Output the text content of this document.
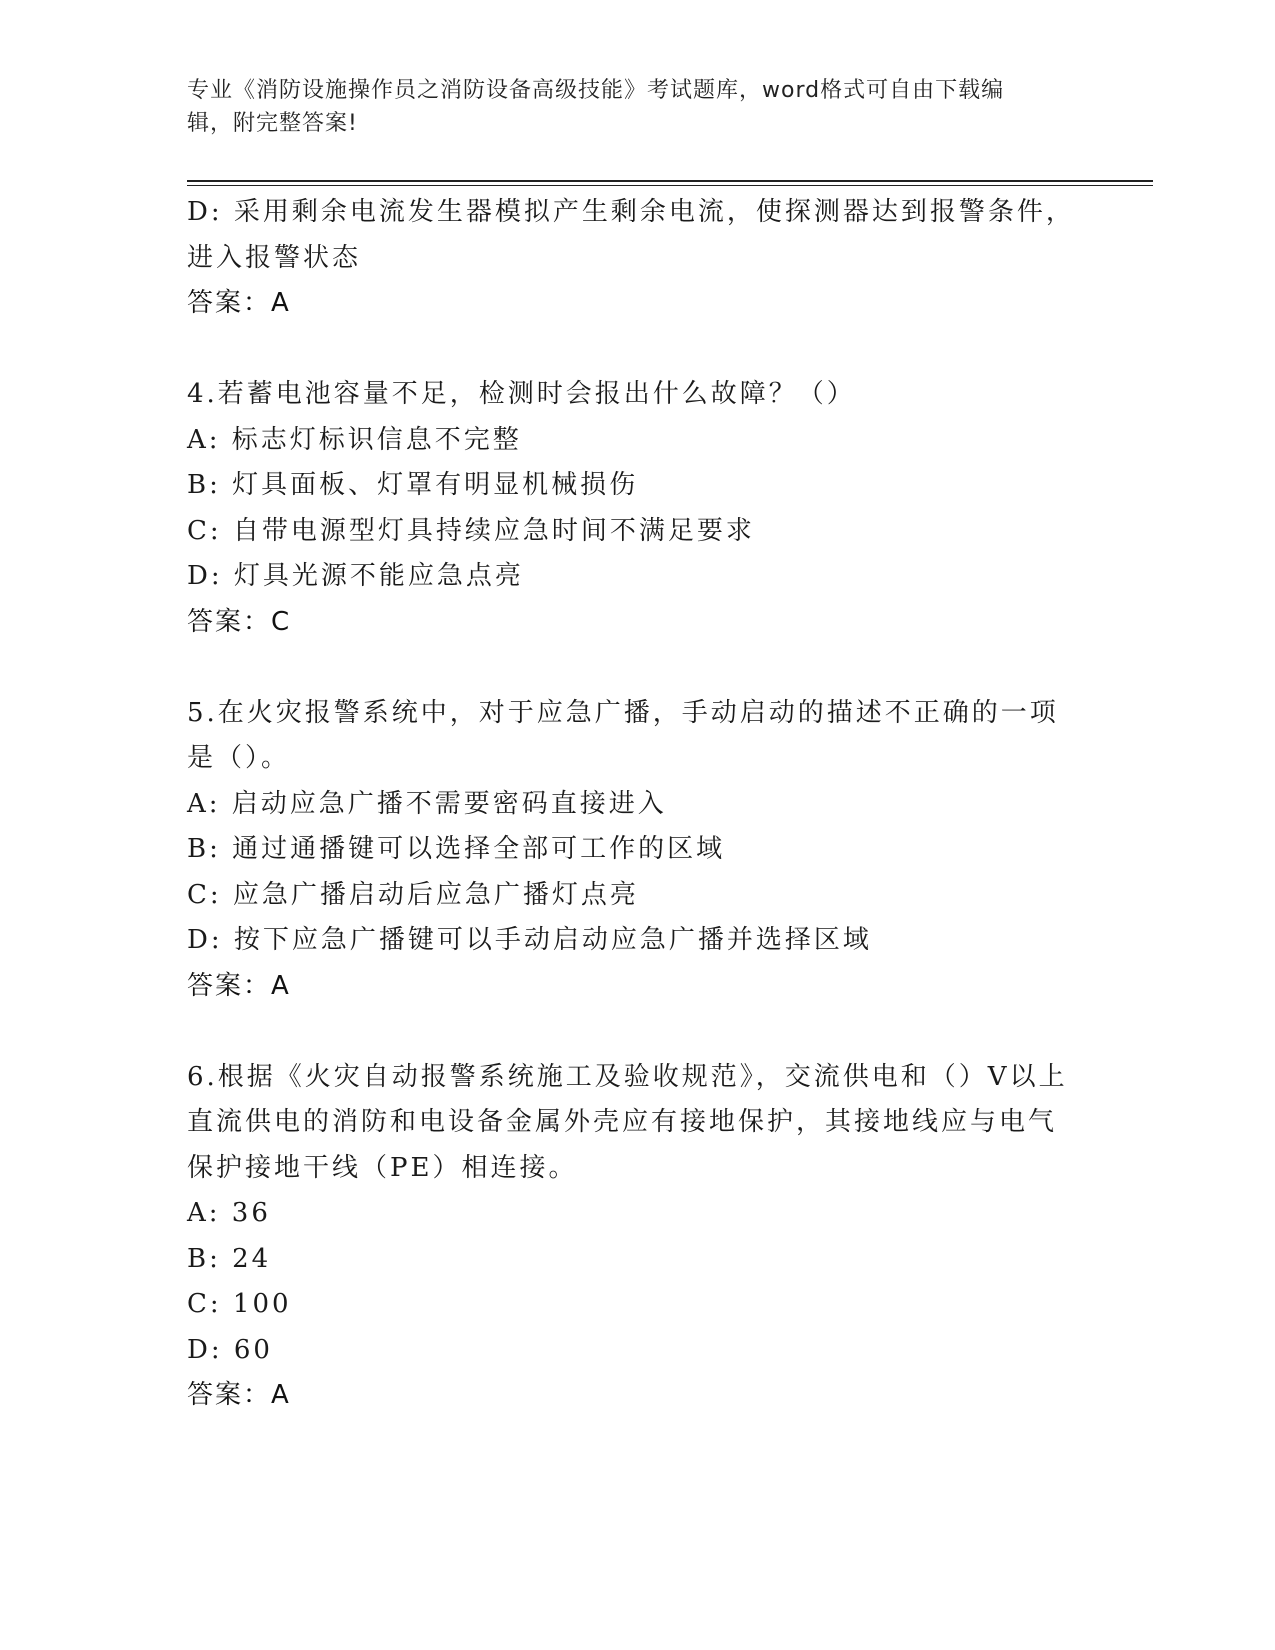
专业《消防设施操作员之消防设备高级技能》考试题库，word格式可自由下载编
辑，附完整答案!
D: 采用剩余电流发生器模拟产生剩余电流，使探测器达到报警条件，
进入报警状态
答案：A
4.若蓄电池容量不足，检测时会报出什么故障？（）
A: 标志灯标识信息不完整
B: 灯具面板、灯罩有明显机械损伤
C: 自带电源型灯具持续应急时间不满足要求
D: 灯具光源不能应急点亮
答案：C
5.在火灾报警系统中，对于应急广播，手动启动的描述不正确的一项
是（）。
A: 启动应急广播不需要密码直接进入
B: 通过通播键可以选择全部可工作的区域
C: 应急广播启动后应急广播灯点亮
D: 按下应急广播键可以手动启动应急广播并选择区域
答案：A
6.根据《火灾自动报警系统施工及验收规范》，交流供电和（）V以上
直流供电的消防和电设备金属外壳应有接地保护，其接地线应与电气
保护接地干线（PE）相连接。
A: 36
B: 24
C: 100
D: 60
答案：A
